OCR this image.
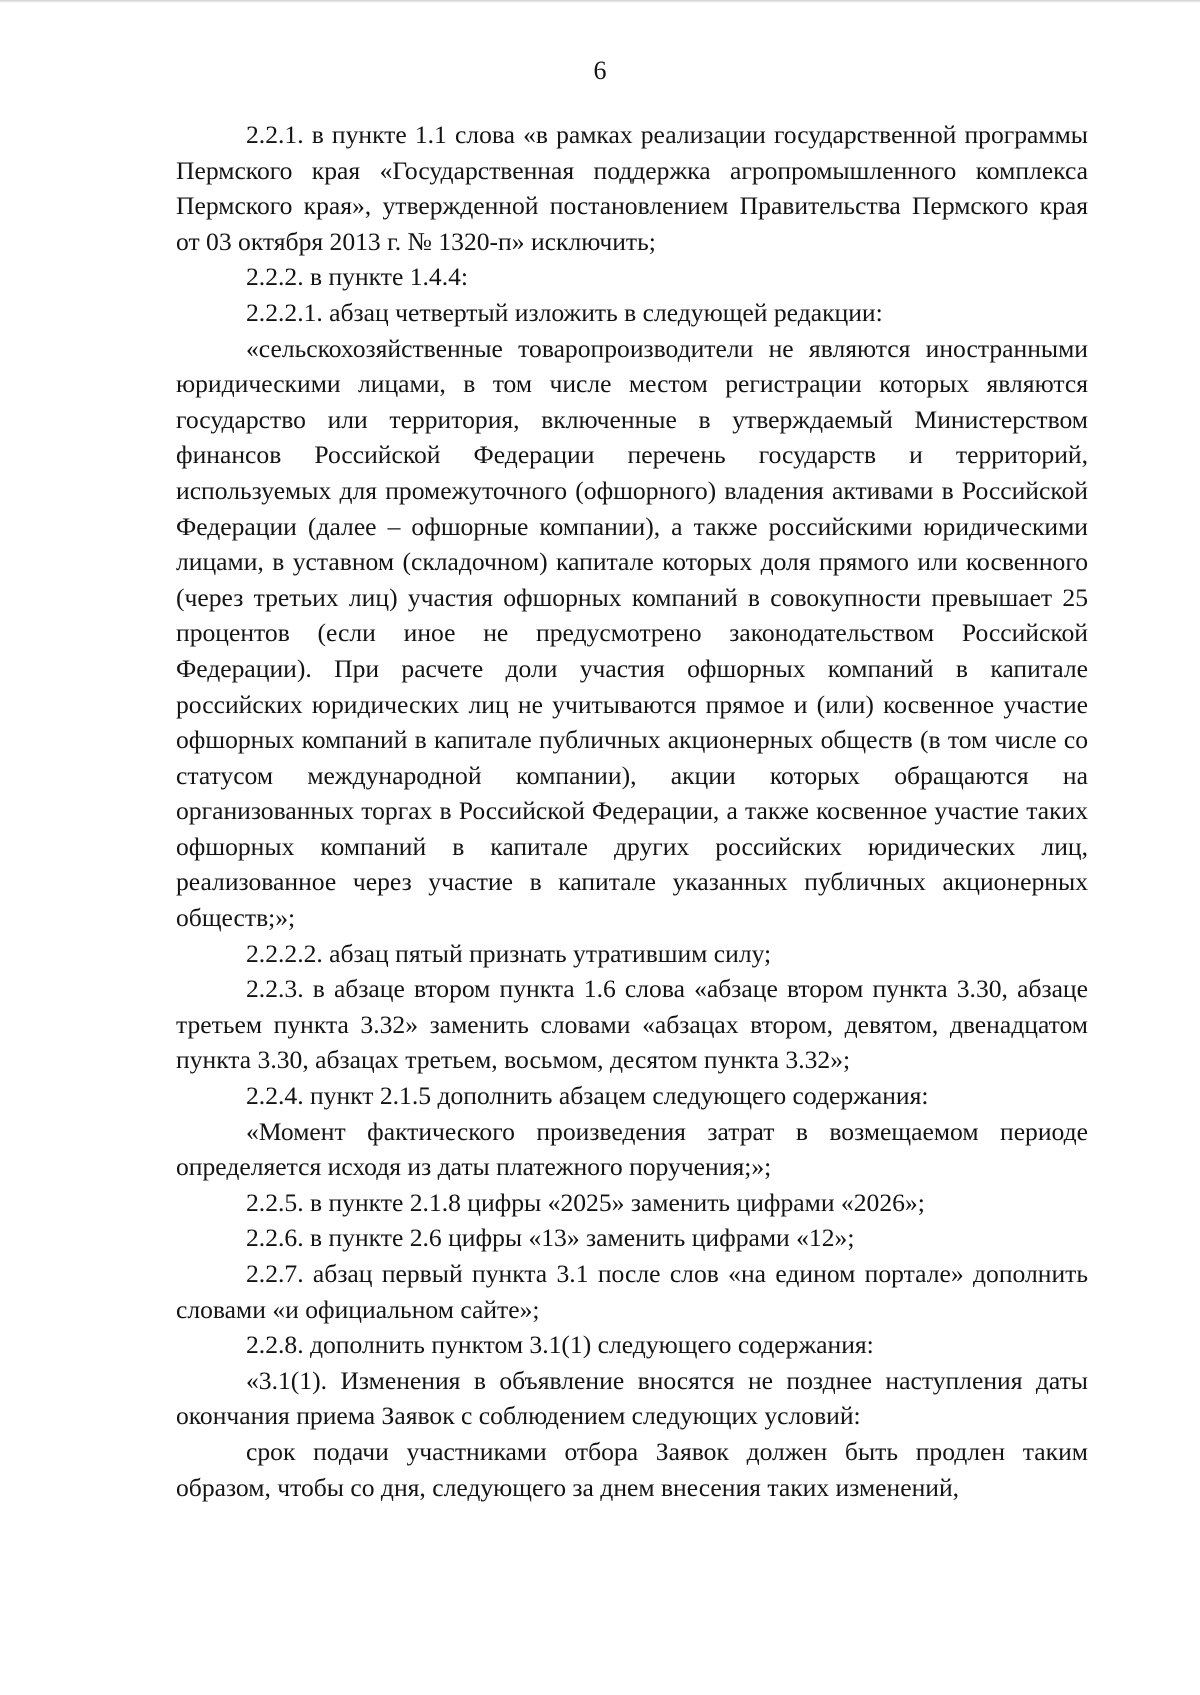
6

2.2.1. в пункте 1.1 слова «в рамках реализации государственной программы Пермского края «Государственная поддержка агропромышленного комплекса Пермского края», утвержденной постановлением Правительства Пермского края от 03 октября 2013 г. № 1320-п» исключить;

2.2.2. в пункте 1.4.4:

2.2.2.1. абзац четвертый изложить в следующей редакции:

«сельскохозяйственные товаропроизводители не являются иностранными юридическими лицами, в том числе местом регистрации которых являются государство или территория, включенные в утверждаемый Министерством финансов Российской Федерации перечень государств и территорий, используемых для промежуточного (офшорного) владения активами в Российской Федерации (далее – офшорные компании), а также российскими юридическими лицами, в уставном (складочном) капитале которых доля прямого или косвенного (через третьих лиц) участия офшорных компаний в совокупности превышает 25 процентов (если иное не предусмотрено законодательством Российской Федерации). При расчете доли участия офшорных компаний в капитале российских юридических лиц не учитываются прямое и (или) косвенное участие офшорных компаний в капитале публичных акционерных обществ (в том числе со статусом международной компании), акции которых обращаются на организованных торгах в Российской Федерации, а также косвенное участие таких офшорных компаний в капитале других российских юридических лиц, реализованное через участие в капитале указанных публичных акционерных обществ;»;

2.2.2.2. абзац пятый признать утратившим силу;

2.2.3. в абзаце втором пункта 1.6 слова «абзаце втором пункта 3.30, абзаце третьем пункта 3.32» заменить словами «абзацах втором, девятом, двенадцатом пункта 3.30, абзацах третьем, восьмом, десятом пункта 3.32»;

2.2.4. пункт 2.1.5 дополнить абзацем следующего содержания:

«Момент фактического произведения затрат в возмещаемом периоде определяется исходя из даты платежного поручения;»;

2.2.5. в пункте 2.1.8 цифры «2025» заменить цифрами «2026»;

2.2.6. в пункте 2.6 цифры «13» заменить цифрами «12»;

2.2.7. абзац первый пункта 3.1 после слов «на едином портале» дополнить словами «и официальном сайте»;

2.2.8. дополнить пунктом 3.1(1) следующего содержания:

«3.1(1). Изменения в объявление вносятся не позднее наступления даты окончания приема Заявок с соблюдением следующих условий:

срок подачи участниками отбора Заявок должен быть продлен таким образом, чтобы со дня, следующего за днем внесения таких изменений,
